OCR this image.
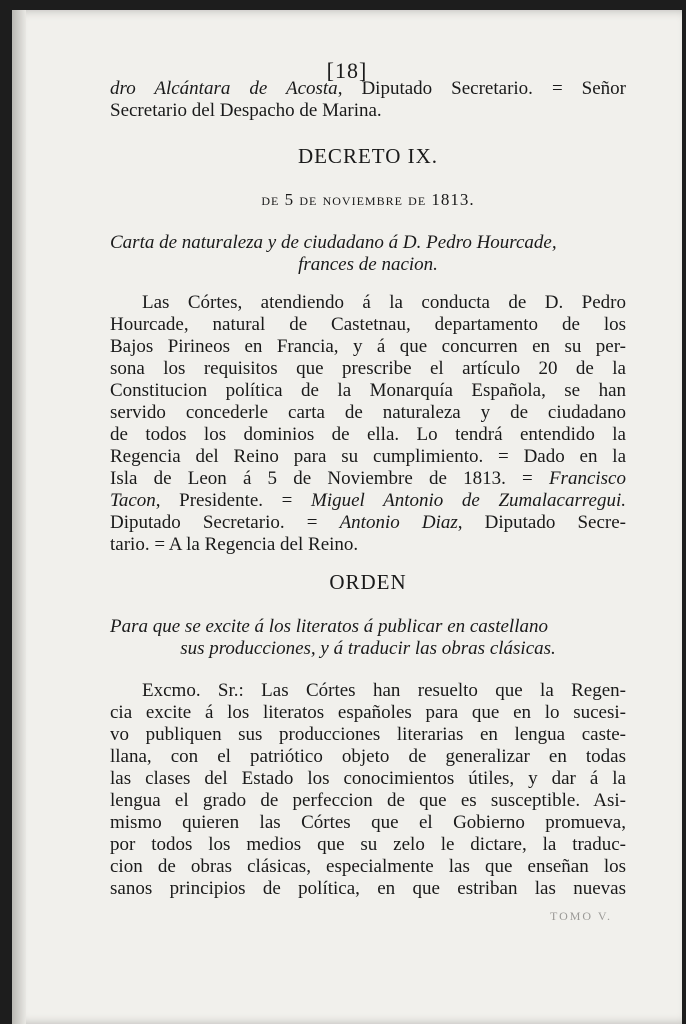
[18]
dro Alcántara de Acosta, Diputado Secretario. = Señor
Secretario del Despacho de Marina.
DECRETO IX.
de 5 de noviembre de 1813.
Carta de naturaleza y de ciudadano á D. Pedro Hourcade,
frances de nacion.
Las Córtes, atendiendo á la conducta de D. Pedro
Hourcade, natural de Castetnau, departamento de los
Bajos Pirineos en Francia, y á que concurren en su per-
sona los requisitos que prescribe el artículo 20 de la
Constitucion política de la Monarquía Española, se han
servido concederle carta de naturaleza y de ciudadano
de todos los dominios de ella. Lo tendrá entendido la
Regencia del Reino para su cumplimiento. = Dado en la
Isla de Leon á 5 de Noviembre de 1813. = Francisco
Tacon, Presidente. = Miguel Antonio de Zumalacarregui.
Diputado Secretario. = Antonio Diaz, Diputado Secre-
tario. = A la Regencia del Reino.
ORDEN
Para que se excite á los literatos á publicar en castellano
sus producciones, y á traducir las obras clásicas.
Excmo. Sr.: Las Córtes han resuelto que la Regen-
cia excite á los literatos españoles para que en lo sucesi-
vo publiquen sus producciones literarias en lengua caste-
llana, con el patriótico objeto de generalizar en todas
las clases del Estado los conocimientos útiles, y dar á la
lengua el grado de perfeccion de que es susceptible. Asi-
mismo quieren las Córtes que el Gobierno promueva,
por todos los medios que su zelo le dictare, la traduc-
cion de obras clásicas, especialmente las que enseñan los
sanos principios de política, en que estriban las nuevas
TOMO V.
